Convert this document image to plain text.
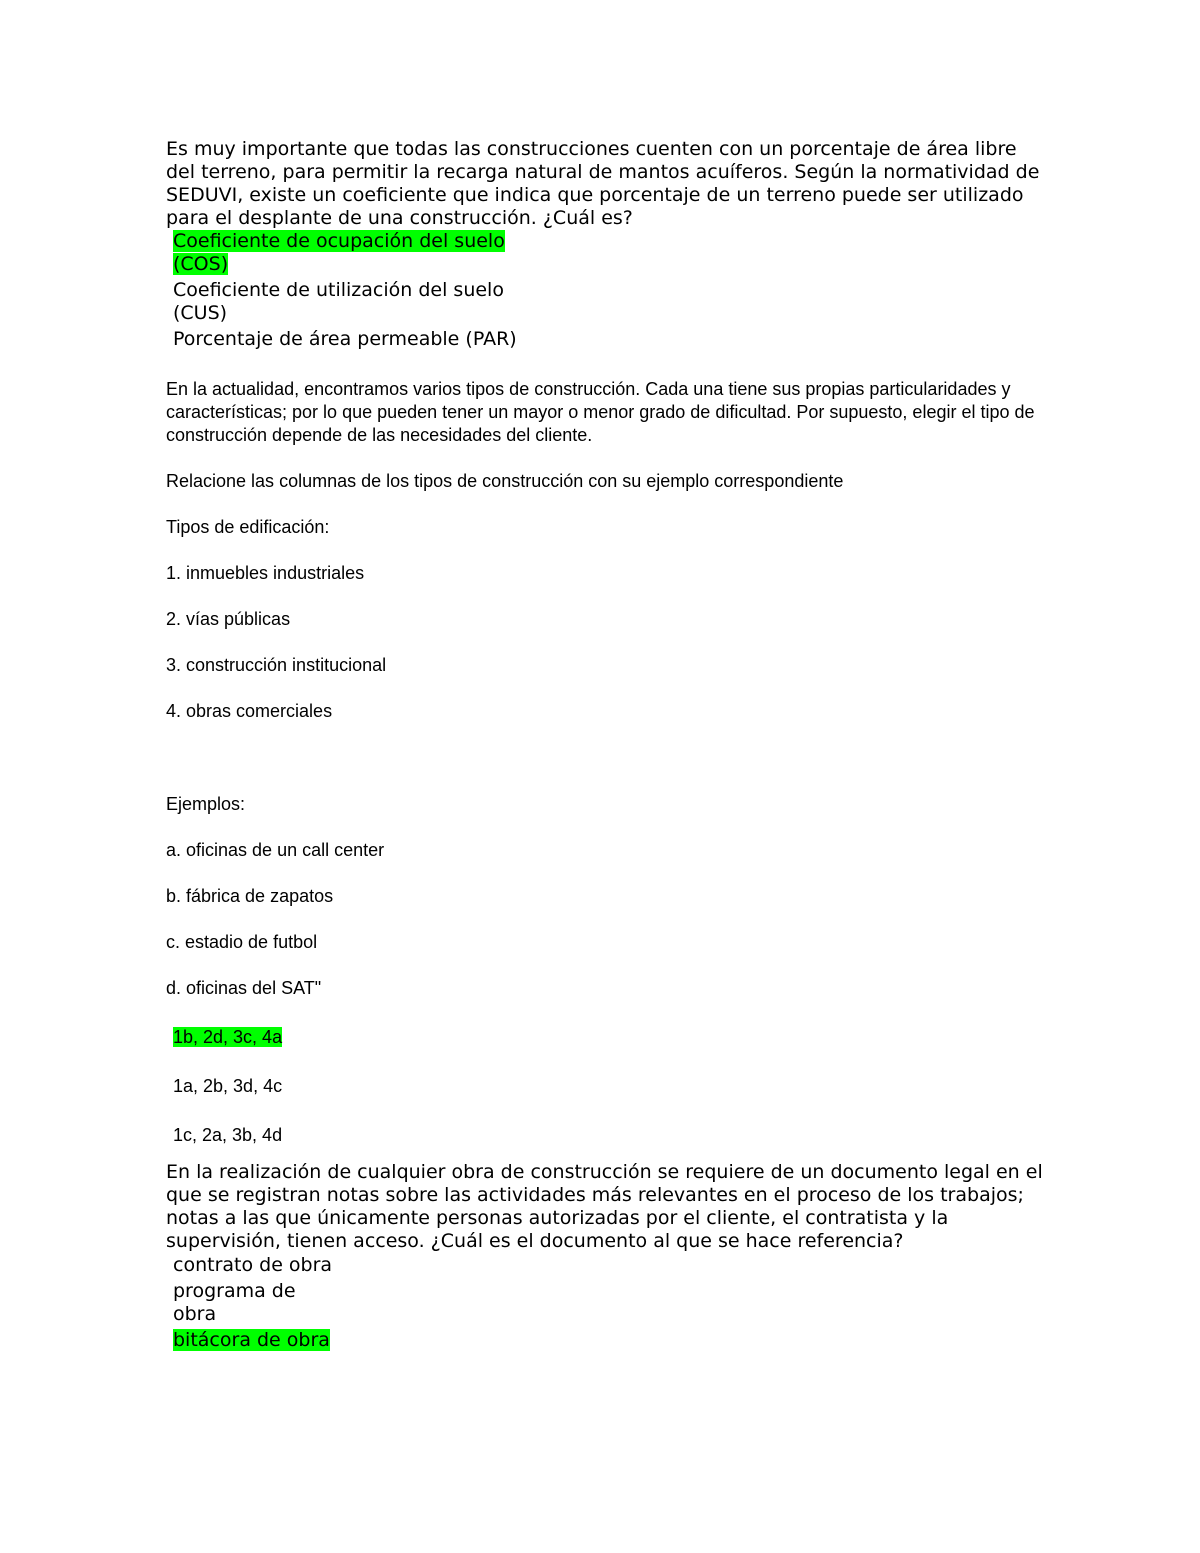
Es muy importante que todas las construcciones cuenten con un porcentaje de área libre del terreno, para permitir la recarga natural de mantos acuíferos. Según la normatividad de SEDUVI, existe un coeficiente que indica que porcentaje de un terreno puede ser utilizado para el desplante de una construcción. ¿Cuál es?

Coeficiente de ocupación del suelo
(COS)
Coeficiente de utilización del suelo
(CUS)
Porcentaje de área permeable (PAR)

En la actualidad, encontramos varios tipos de construcción. Cada una tiene sus propias particularidades y características; por lo que pueden tener un mayor o menor grado de dificultad. Por supuesto, elegir el tipo de construcción depende de las necesidades del cliente.

Relacione las columnas de los tipos de construcción con su ejemplo correspondiente

Tipos de edificación:

1. inmuebles industriales

2. vías públicas

3. construcción institucional

4. obras comerciales

Ejemplos:

a. oficinas de un call center

b. fábrica de zapatos

c. estadio de futbol

d. oficinas del SAT"

1b, 2d, 3c, 4a
1a, 2b, 3d, 4c
1c, 2a, 3b, 4d

En la realización de cualquier obra de construcción se requiere de un documento legal en el que se registran notas sobre las actividades más relevantes en el proceso de los trabajos; notas a las que únicamente personas autorizadas por el cliente, el contratista y la supervisión, tienen acceso. ¿Cuál es el documento al que se hace referencia?

contrato de obra
programa de
obra
bitácora de obra
